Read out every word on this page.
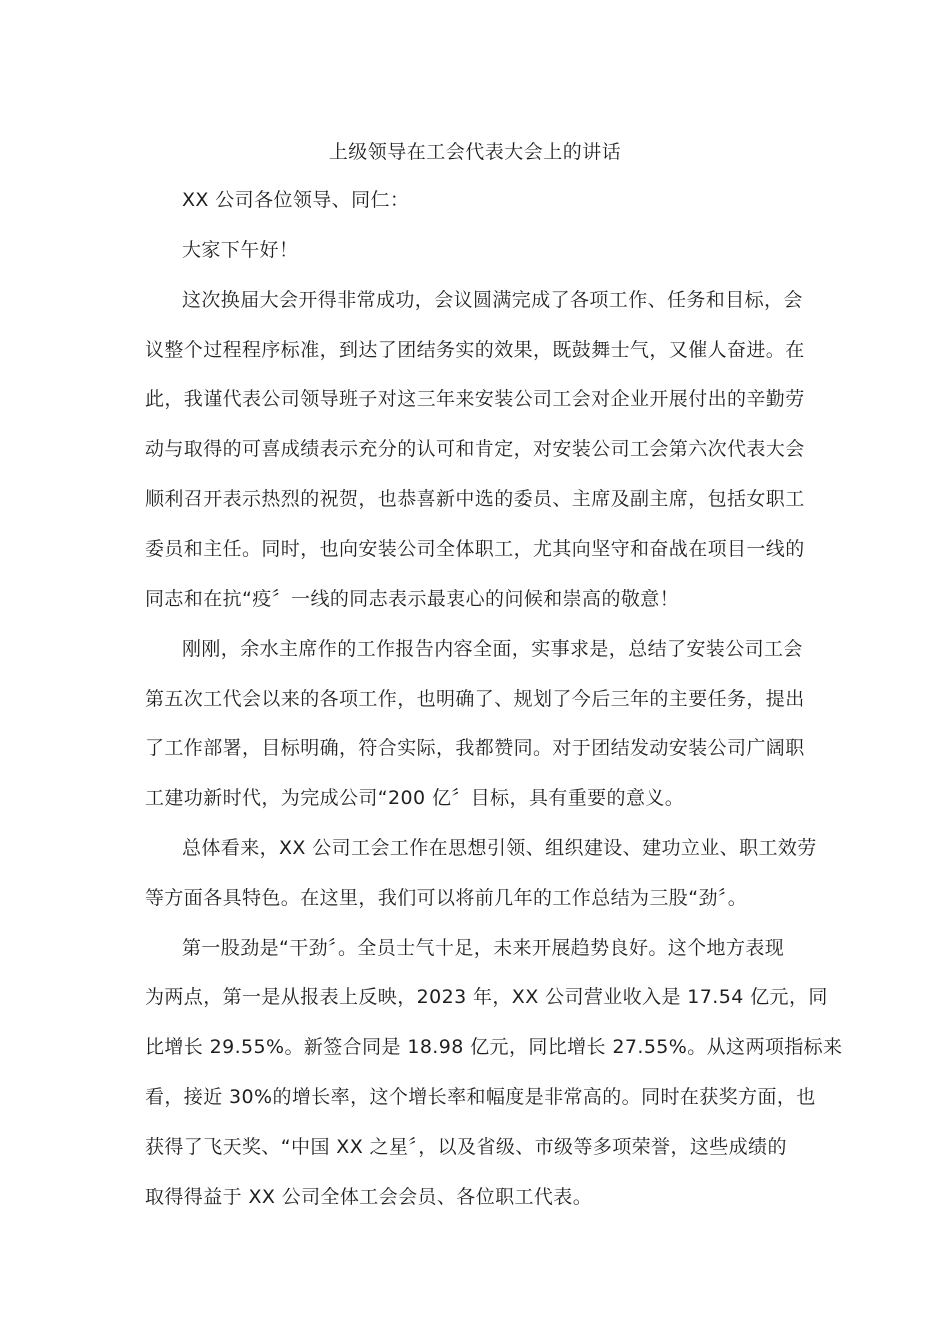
上级领导在工会代表大会上的讲话

XX 公司各位领导、同仁：

大家下午好！

这次换届大会开得非常成功，会议圆满完成了各项工作、任务和目标，会

议整个过程程序标准，到达了团结务实的效果，既鼓舞士气，又催人奋进。在

此，我谨代表公司领导班子对这三年来安装公司工会对企业开展付出的辛勤劳

动与取得的可喜成绩表示充分的认可和肯定，对安装公司工会第六次代表大会

顺利召开表示热烈的祝贺，也恭喜新中选的委员、主席及副主席，包括女职工

委员和主任。同时，也向安装公司全体职工，尤其向坚守和奋战在项目一线的

同志和在抗“疫〞一线的同志表示最衷心的问候和崇高的敬意！

刚刚，余水主席作的工作报告内容全面，实事求是，总结了安装公司工会

第五次工代会以来的各项工作，也明确了、规划了今后三年的主要任务，提出

了工作部署，目标明确，符合实际，我都赞同。对于团结发动安装公司广阔职

工建功新时代，为完成公司“200 亿〞目标，具有重要的意义。

总体看来，XX 公司工会工作在思想引领、组织建设、建功立业、职工效劳

等方面各具特色。在这里，我们可以将前几年的工作总结为三股“劲〞。

第一股劲是“干劲〞。全员士气十足，未来开展趋势良好。这个地方表现

为两点，第一是从报表上反映，2023 年，XX 公司营业收入是 17.54 亿元，同

比增长 29.55%。新签合同是 18.98 亿元，同比增长 27.55%。从这两项指标来

看，接近 30%的增长率，这个增长率和幅度是非常高的。同时在获奖方面，也

获得了飞天奖、“中国 XX 之星〞，以及省级、市级等多项荣誉，这些成绩的

取得得益于 XX 公司全体工会会员、各位职工代表。
